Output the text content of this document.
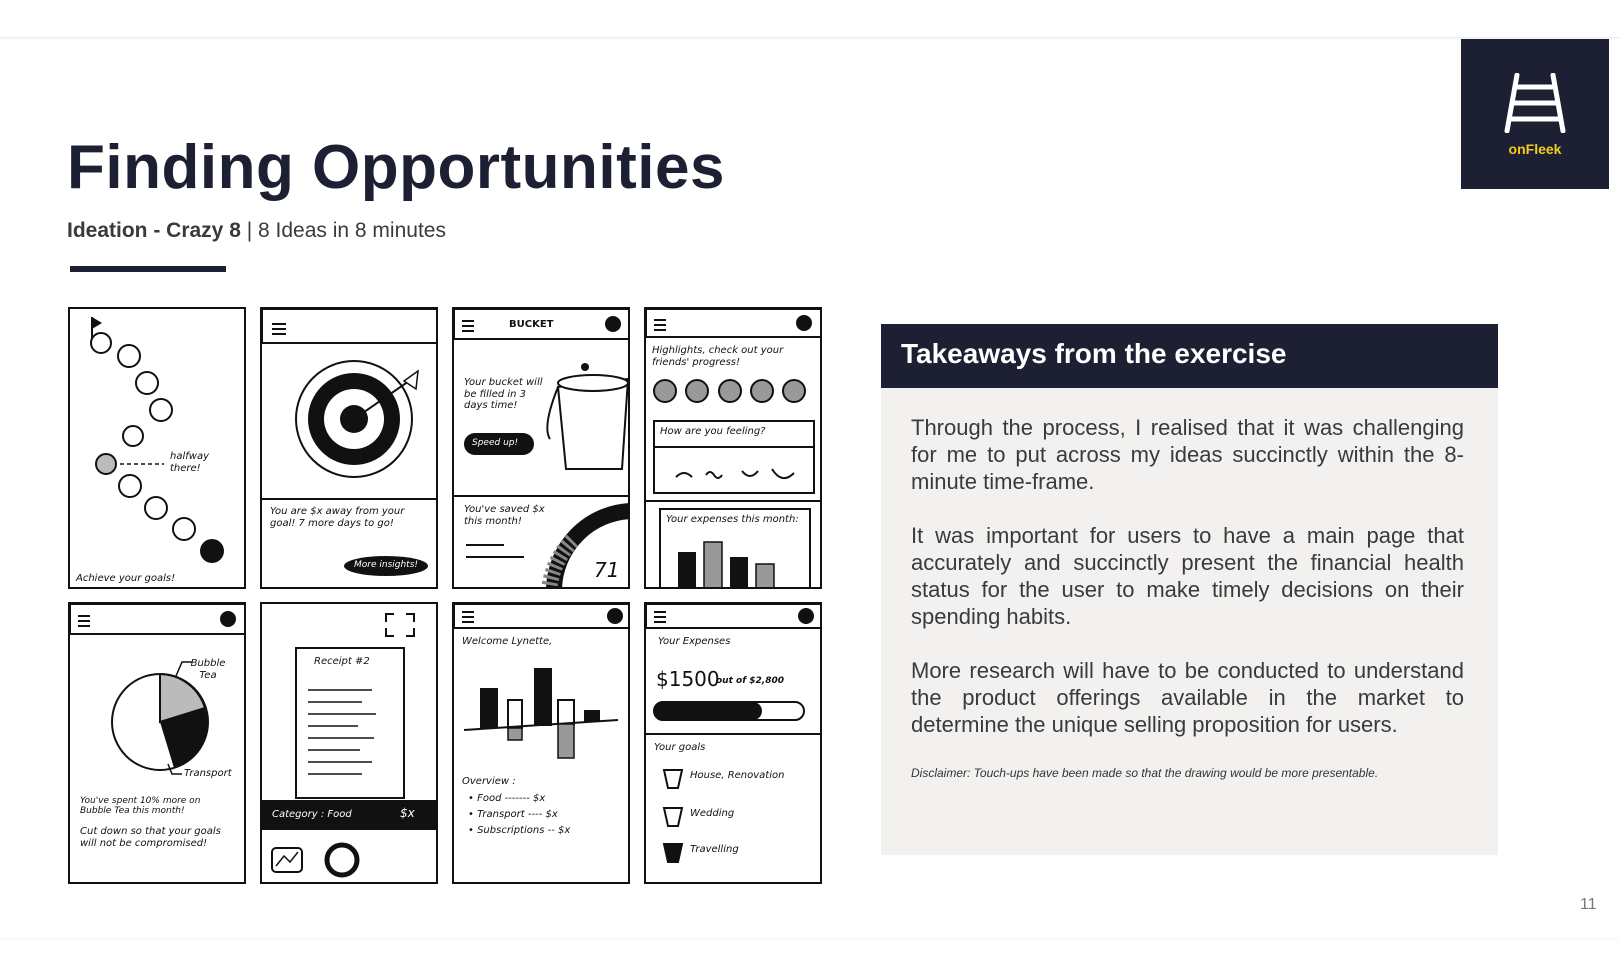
onFleek
Finding Opportunities
Ideation - Crazy 8 | 8 Ideas in 8 minutes
halfway there!
Achieve your goals!
You are $x away from your goal! 7 more days to go!
More insights!
BUCKET
Your bucket will be filled in 3 days time!
Speed up!
You've saved $x this month!
71
Highlights, check out your friends' progress!
How are you feeling?
Your expenses this month:
Bubble Tea
Transport
You've spent 10% more on Bubble Tea this month!
Cut down so that your goals will not be compromised!
Receipt #2
Category : Food	$x
Welcome Lynette,
Overview :
• Food ------- $x
• Transport ---- $x
• Subscriptions -- $x
Your Expenses
$1500
out of $2,800
Your goals
House, Renovation
Wedding
Travelling
Takeaways from the exercise

Through the process, I realised that it was challenging for me to put across my ideas succinctly within the 8-minute time-frame.

It was important for users to have a main page that accurately and succinctly present the financial health status for the user to make timely decisions on their spending habits.

More research will have to be conducted to understand the product offerings available in the market to determine the unique selling proposition for users.

Disclaimer: Touch-ups have been made so that the drawing would be more presentable.

11
